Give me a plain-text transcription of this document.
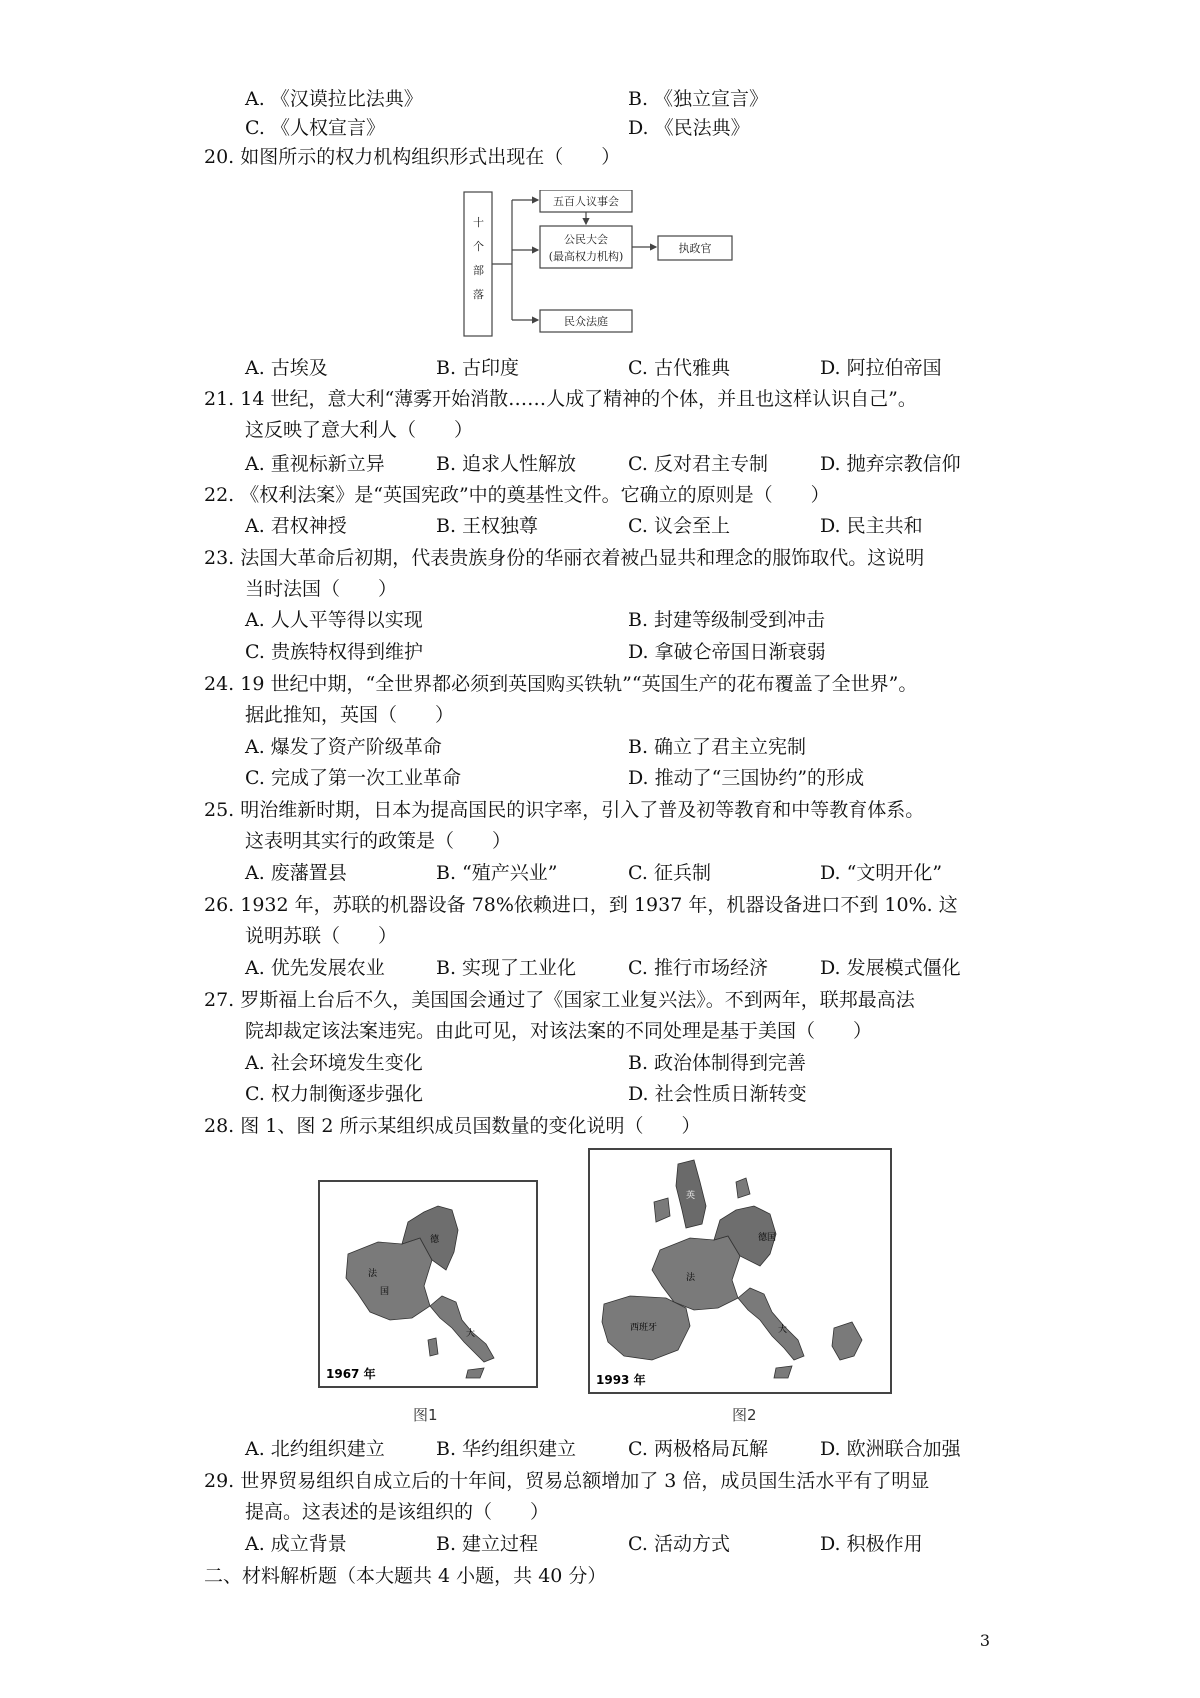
A. 《汉谟拉比法典》	B. 《独立宣言》
C. 《人权宣言》	D. 《民法典》
20. 如图所示的权力机构组织形式出现在（　　）
十个部落
五百人议事会
公民大会
(最高权力机构)
执政官
民众法庭
A. 古埃及	B. 古印度	C. 古代雅典	D. 阿拉伯帝国
21. 14 世纪，意大利“薄雾开始消散……人成了精神的个体，并且也这样认识自己”。
这反映了意大利人（　　）
A. 重视标新立异	B. 追求人性解放	C. 反对君主专制	D. 抛弃宗教信仰
22. 《权利法案》是“英国宪政”中的奠基性文件。它确立的原则是（　　）
A. 君权神授	B. 王权独尊	C. 议会至上	D. 民主共和
23. 法国大革命后初期，代表贵族身份的华丽衣着被凸显共和理念的服饰取代。这说明
当时法国（　　）
A. 人人平等得以实现	B. 封建等级制受到冲击
C. 贵族特权得到维护	D. 拿破仑帝国日渐衰弱
24. 19 世纪中期，“全世界都必须到英国购买铁轨”“英国生产的花布覆盖了全世界”。
据此推知，英国（　　）
A. 爆发了资产阶级革命	B. 确立了君主立宪制
C. 完成了第一次工业革命	D. 推动了“三国协约”的形成
25. 明治维新时期，日本为提高国民的识字率，引入了普及初等教育和中等教育体系。
这表明其实行的政策是（　　）
A. 废藩置县	B. “殖产兴业”	C. 征兵制	D. “文明开化”
26. 1932 年，苏联的机器设备 78%依赖进口，到 1937 年，机器设备进口不到 10%. 这
说明苏联（　　）
A. 优先发展农业	B. 实现了工业化	C. 推行市场经济	D. 发展模式僵化
27. 罗斯福上台后不久，美国国会通过了《国家工业复兴法》。不到两年，联邦最高法
院却裁定该法案违宪。由此可见，对该法案的不同处理是基于美国（　　）
A. 社会环境发生变化	B. 政治体制得到完善
C. 权力制衡逐步强化	D. 社会性质日渐转变
28. 图 1、图 2 所示某组织成员国数量的变化说明（　　）
法
国
德
大
1967 年
图1
英
德国
法
西班牙	大
1993 年
图2
A. 北约组织建立	B. 华约组织建立	C. 两极格局瓦解	D. 欧洲联合加强
29. 世界贸易组织自成立后的十年间，贸易总额增加了 3 倍，成员国生活水平有了明显
提高。这表述的是该组织的（　　）
A. 成立背景	B. 建立过程	C. 活动方式	D. 积极作用
二、材料解析题（本大题共 4 小题，共 40 分）
3
